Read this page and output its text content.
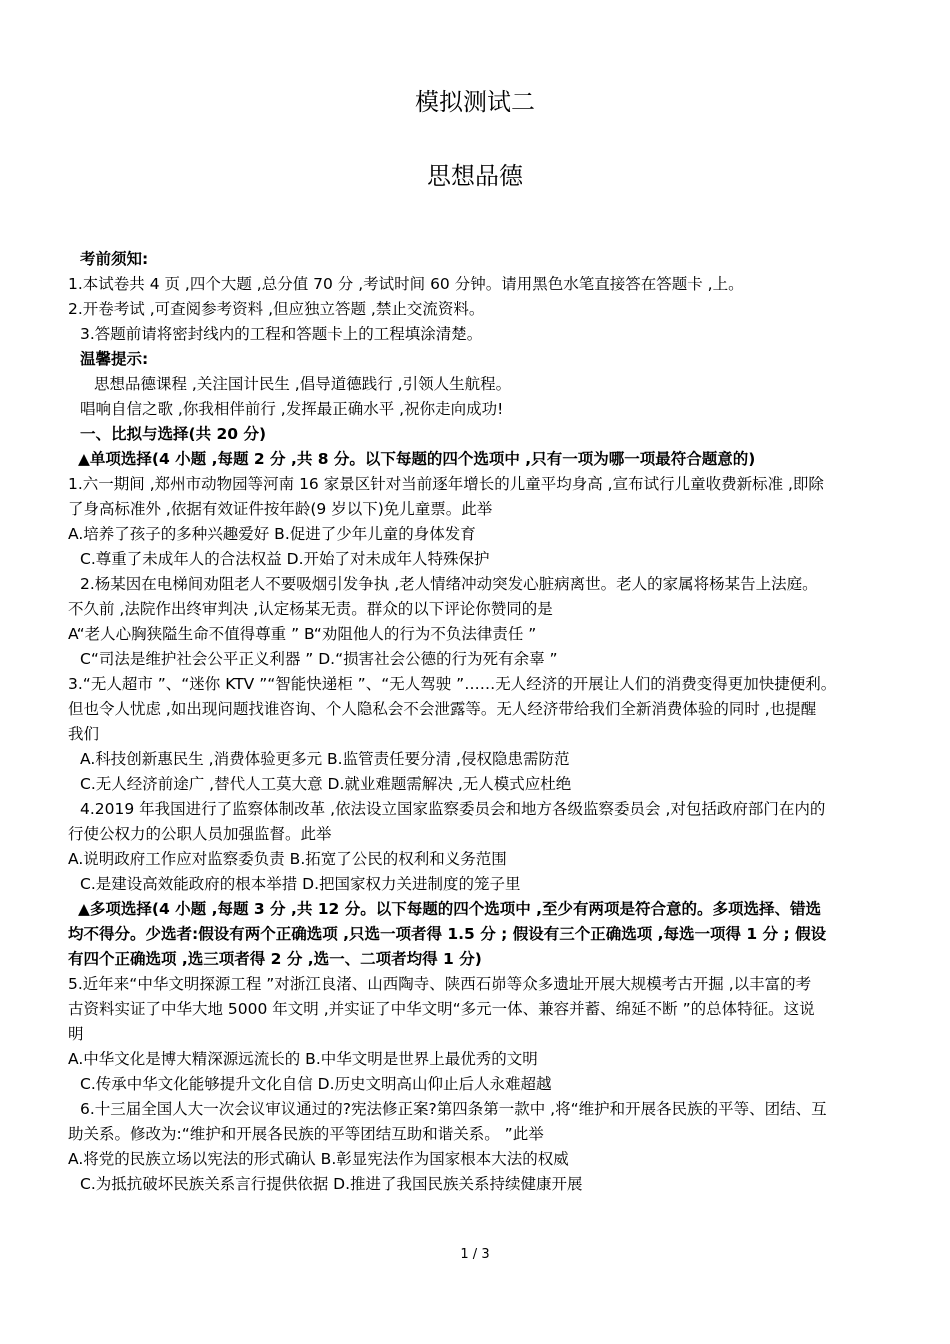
模拟测试二
思想品德
考前须知:
1.本试卷共 4 页 ,四个大题 ,总分值 70 分 ,考试时间 60 分钟。请用黑色水笔直接答在答题卡 ,上。
2.开卷考试 ,可查阅参考资料 ,但应独立答题 ,禁止交流资料。
3.答题前请将密封线内的工程和答题卡上的工程填涂清楚。
温馨提示:
思想品德课程 ,关注国计民生 ,倡导道德践行 ,引领人生航程。
唱响自信之歌 ,你我相伴前行 ,发挥最正确水平 ,祝你走向成功!
一、比拟与选择(共 20 分)
▲单项选择(4 小题 ,每题 2 分 ,共 8 分。以下每题的四个选项中 ,只有一项为哪一项最符合题意的)
1.六一期间 ,郑州市动物园等河南 16 家景区针对当前逐年增长的儿童平均身高 ,宣布试行儿童收费新标准 ,即除
了身高标准外 ,依据有效证件按年龄(9 岁以下)免儿童票。此举
A.培养了孩子的多种兴趣爱好 B.促进了少年儿童的身体发育
C.尊重了未成年人的合法权益 D.开始了对未成年人特殊保护
2.杨某因在电梯间劝阻老人不要吸烟引发争执 ,老人情绪冲动突发心脏病离世。老人的家属将杨某告上法庭。
不久前 ,法院作出终审判决 ,认定杨某无责。群众的以下评论你赞同的是
A“老人心胸狭隘生命不值得尊重 ” B“劝阻他人的行为不负法律责任 ”
C“司法是维护社会公平正义利器 ” D.“损害社会公德的行为死有余辜 ”
3.“无人超市 ”、“迷你 KTV ”“智能快递柜 ”、“无人驾驶 ”……无人经济的开展让人们的消费变得更加快捷便利。
但也令人忧虑 ,如出现问题找谁咨询、个人隐私会不会泄露等。无人经济带给我们全新消费体验的同时 ,也提醒
我们
A.科技创新惠民生 ,消费体验更多元 B.监管责任要分清 ,侵权隐患需防范
C.无人经济前途广 ,替代人工莫大意 D.就业难题需解决 ,无人模式应杜绝
4.2019 年我国进行了监察体制改革 ,依法设立国家监察委员会和地方各级监察委员会 ,对包括政府部门在内的
行使公权力的公职人员加强监督。此举
A.说明政府工作应对监察委负责 B.拓宽了公民的权利和义务范围
C.是建设高效能政府的根本举措 D.把国家权力关进制度的笼子里
▲多项选择(4 小题 ,每题 3 分 ,共 12 分。以下每题的四个选项中 ,至少有两项是符合意的。多项选择、错选
均不得分。少选者:假设有两个正确选项 ,只选一项者得 1.5 分 ; 假设有三个正确选项 ,每选一项得 1 分 ; 假设
有四个正确选项 ,选三项者得 2 分 ,选一、二项者均得 1 分)
5.近年来“中华文明探源工程 ”对浙江良渚、山西陶寺、陕西石峁等众多遗址开展大规模考古开掘 ,以丰富的考
古资料实证了中华大地 5000 年文明 ,并实证了中华文明“多元一体、兼容并蓄、绵延不断 ”的总体特征。这说
明
A.中华文化是博大精深源远流长的 B.中华文明是世界上最优秀的文明
C.传承中华文化能够提升文化自信 D.历史文明高山仰止后人永难超越
6.十三届全国人大一次会议审议通过的?宪法修正案?第四条第一款中 ,将“维护和开展各民族的平等、团结、互
助关系。修改为:“维护和开展各民族的平等团结互助和谐关系。 ”此举
A.将党的民族立场以宪法的形式确认 B.彰显宪法作为国家根本大法的权威
C.为抵抗破坏民族关系言行提供依据 D.推进了我国民族关系持续健康开展
1 / 3
